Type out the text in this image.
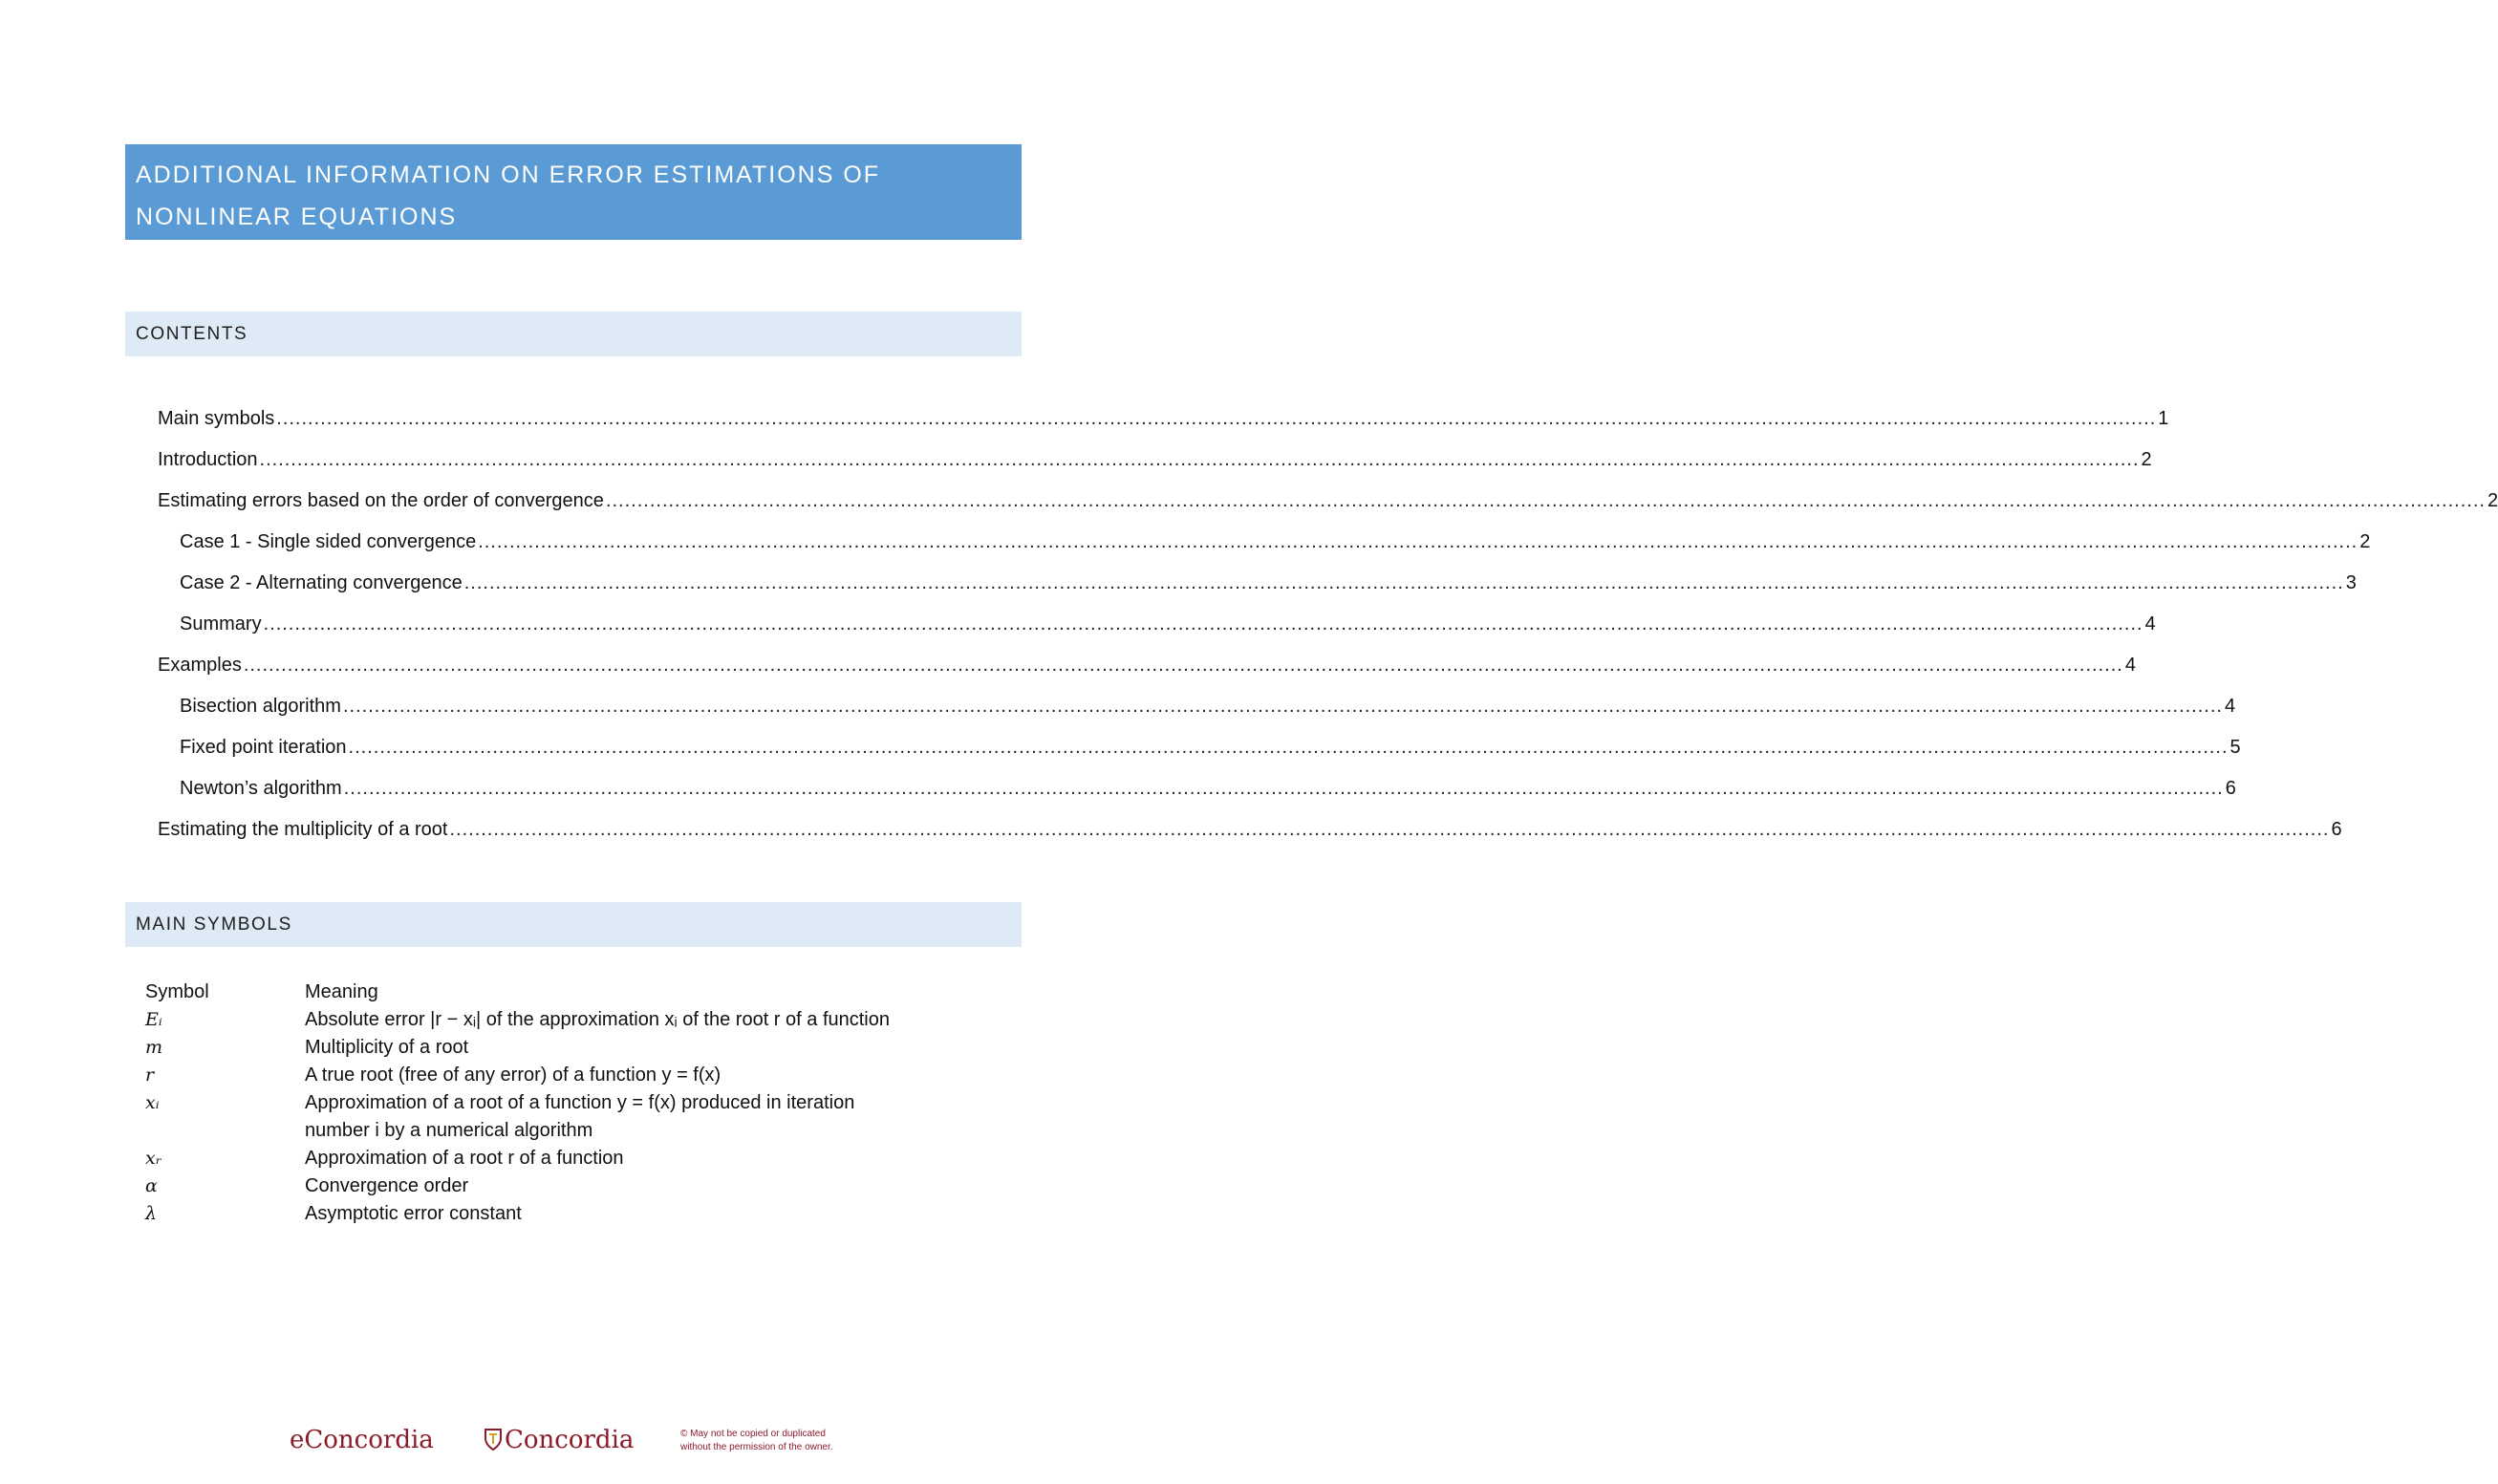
ADDITIONAL INFORMATION ON ERROR ESTIMATIONS OF
NONLINEAR EQUATIONS
CONTENTS
Main symbols ............................................................................................................................................................................................................................................................................................................ 1
Introduction ............................................................................................................................................................................................................................................................................................................ 2
Estimating errors based on the order of convergence ............................................................................................................................................................................................................................................................................................................ 2
Case 1 - Single sided convergence ............................................................................................................................................................................................................................................................................................................ 2
Case 2 - Alternating convergence ............................................................................................................................................................................................................................................................................................................ 3
Summary ............................................................................................................................................................................................................................................................................................................ 4
Examples ............................................................................................................................................................................................................................................................................................................ 4
Bisection algorithm ............................................................................................................................................................................................................................................................................................................ 4
Fixed point iteration ............................................................................................................................................................................................................................................................................................................ 5
Newton’s algorithm ............................................................................................................................................................................................................................................................................................................ 6
Estimating the multiplicity of a root ............................................................................................................................................................................................................................................................................................................ 6
MAIN SYMBOLS
Symbol	Meaning
Eᵢ	Absolute error |r − xᵢ| of the approximation xᵢ of the root r of a function
m	Multiplicity of a root
r	A true root (free of any error) of a function y = f(x)
xᵢ	Approximation of a root of a function y = f(x) produced in iteration
number i by a numerical algorithm
xᵣ	Approximation of a root r of a function
α	Convergence order
λ	Asymptotic error constant
eConcordia	Concordia	© May not be copied or duplicated
without the permission of the owner.
